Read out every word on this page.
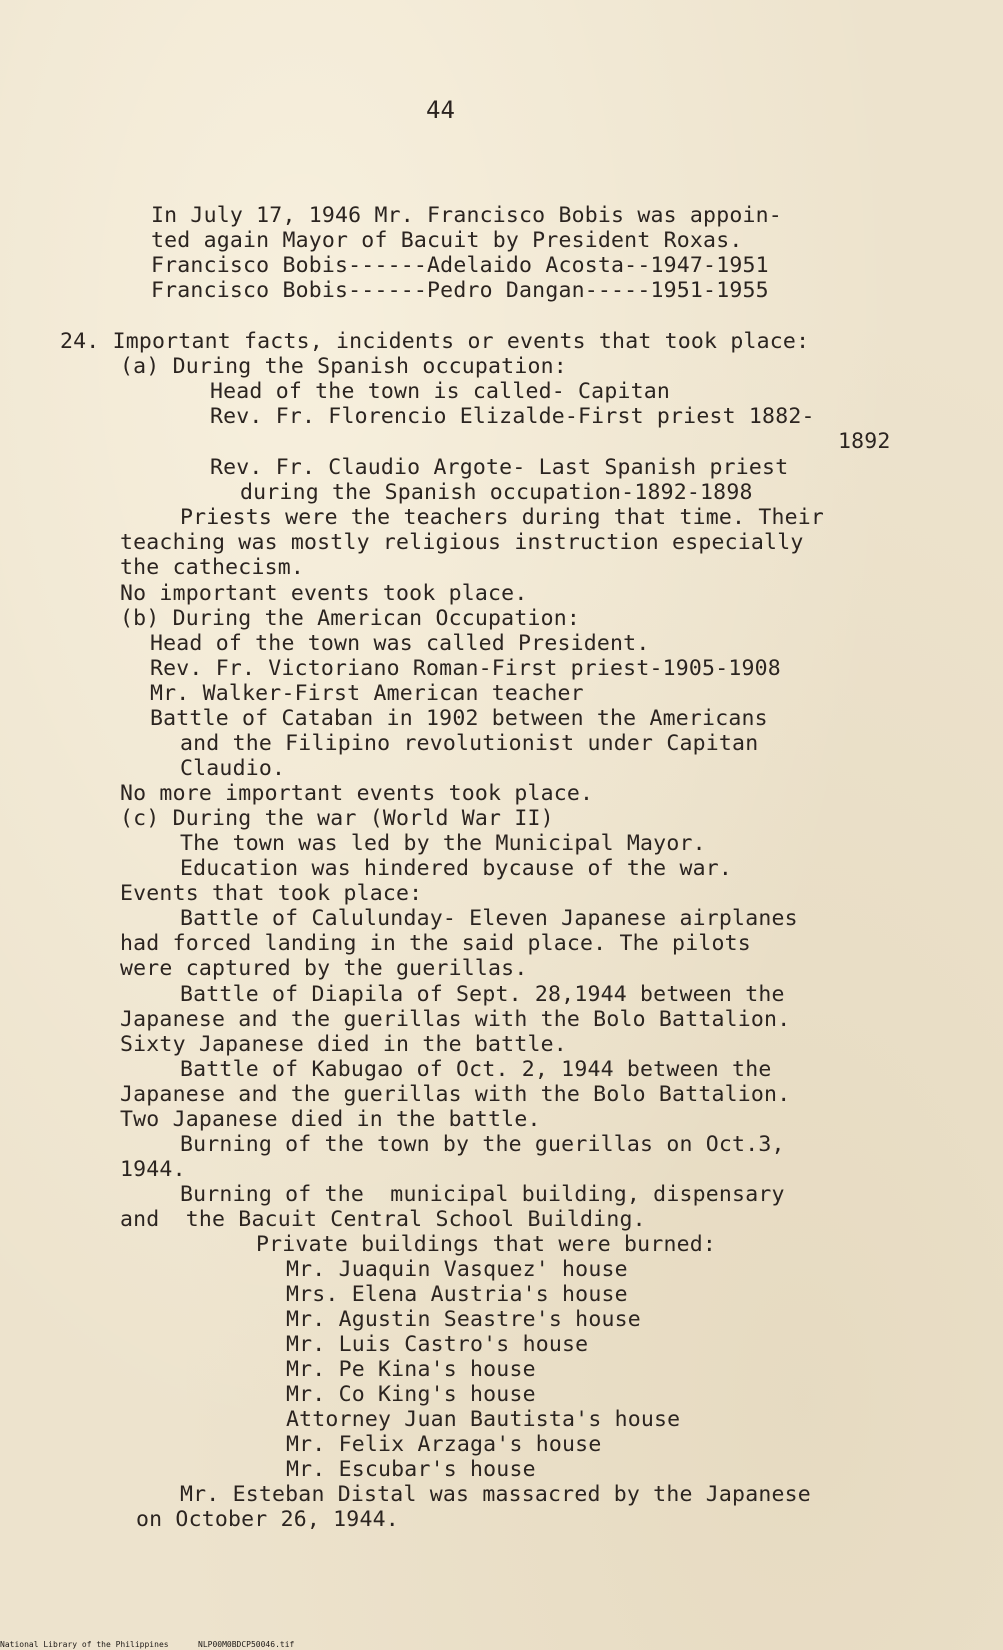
44

In July 17, 1946 Mr. Francisco Bobis was appoin-

ted again Mayor of Bacuit by President Roxas.

Francisco Bobis------Adelaido Acosta--1947-1951

Francisco Bobis------Pedro Dangan-----1951-1955

24. Important facts, incidents or events that took place:

(a) During the Spanish occupation:

Head of the town is called- Capitan

Rev. Fr. Florencio Elizalde-First priest 1882-

1892

Rev. Fr. Claudio Argote- Last Spanish priest

during the Spanish occupation-1892-1898

Priests were the teachers during that time. Their

teaching was mostly religious instruction especially

the cathecism.

No important events took place.

(b) During the American Occupation:

Head of the town was called President.

Rev. Fr. Victoriano Roman-First priest-1905-1908

Mr. Walker-First American teacher

Battle of Cataban in 1902 between the Americans

and the Filipino revolutionist under Capitan

Claudio.

No more important events took place.

(c) During the war (World War II)

The town was led by the Municipal Mayor.

Education was hindered bycause of the war.

Events that took place:

Battle of Calulunday- Eleven Japanese airplanes

had forced landing in the said place. The pilots

were captured by the guerillas.

Battle of Diapila of Sept. 28,1944 between the

Japanese and the guerillas with the Bolo Battalion.

Sixty Japanese died in the battle.

Battle of Kabugao of Oct. 2, 1944 between the

Japanese and the guerillas with the Bolo Battalion.

Two Japanese died in the battle.

Burning of the town by the guerillas on Oct.3,

1944.

Burning of the  municipal building, dispensary

and  the Bacuit Central School Building.

Private buildings that were burned:

Mr. Juaquin Vasquez' house

Mrs. Elena Austria's house

Mr. Agustin Seastre's house

Mr. Luis Castro's house

Mr. Pe Kina's house

Mr. Co King's house

Attorney Juan Bautista's house

Mr. Felix Arzaga's house

Mr. Escubar's house

Mr. Esteban Distal was massacred by the Japanese

on October 26, 1944.

National Library of the Philippines	NLP00M0BDCP50046.tif
